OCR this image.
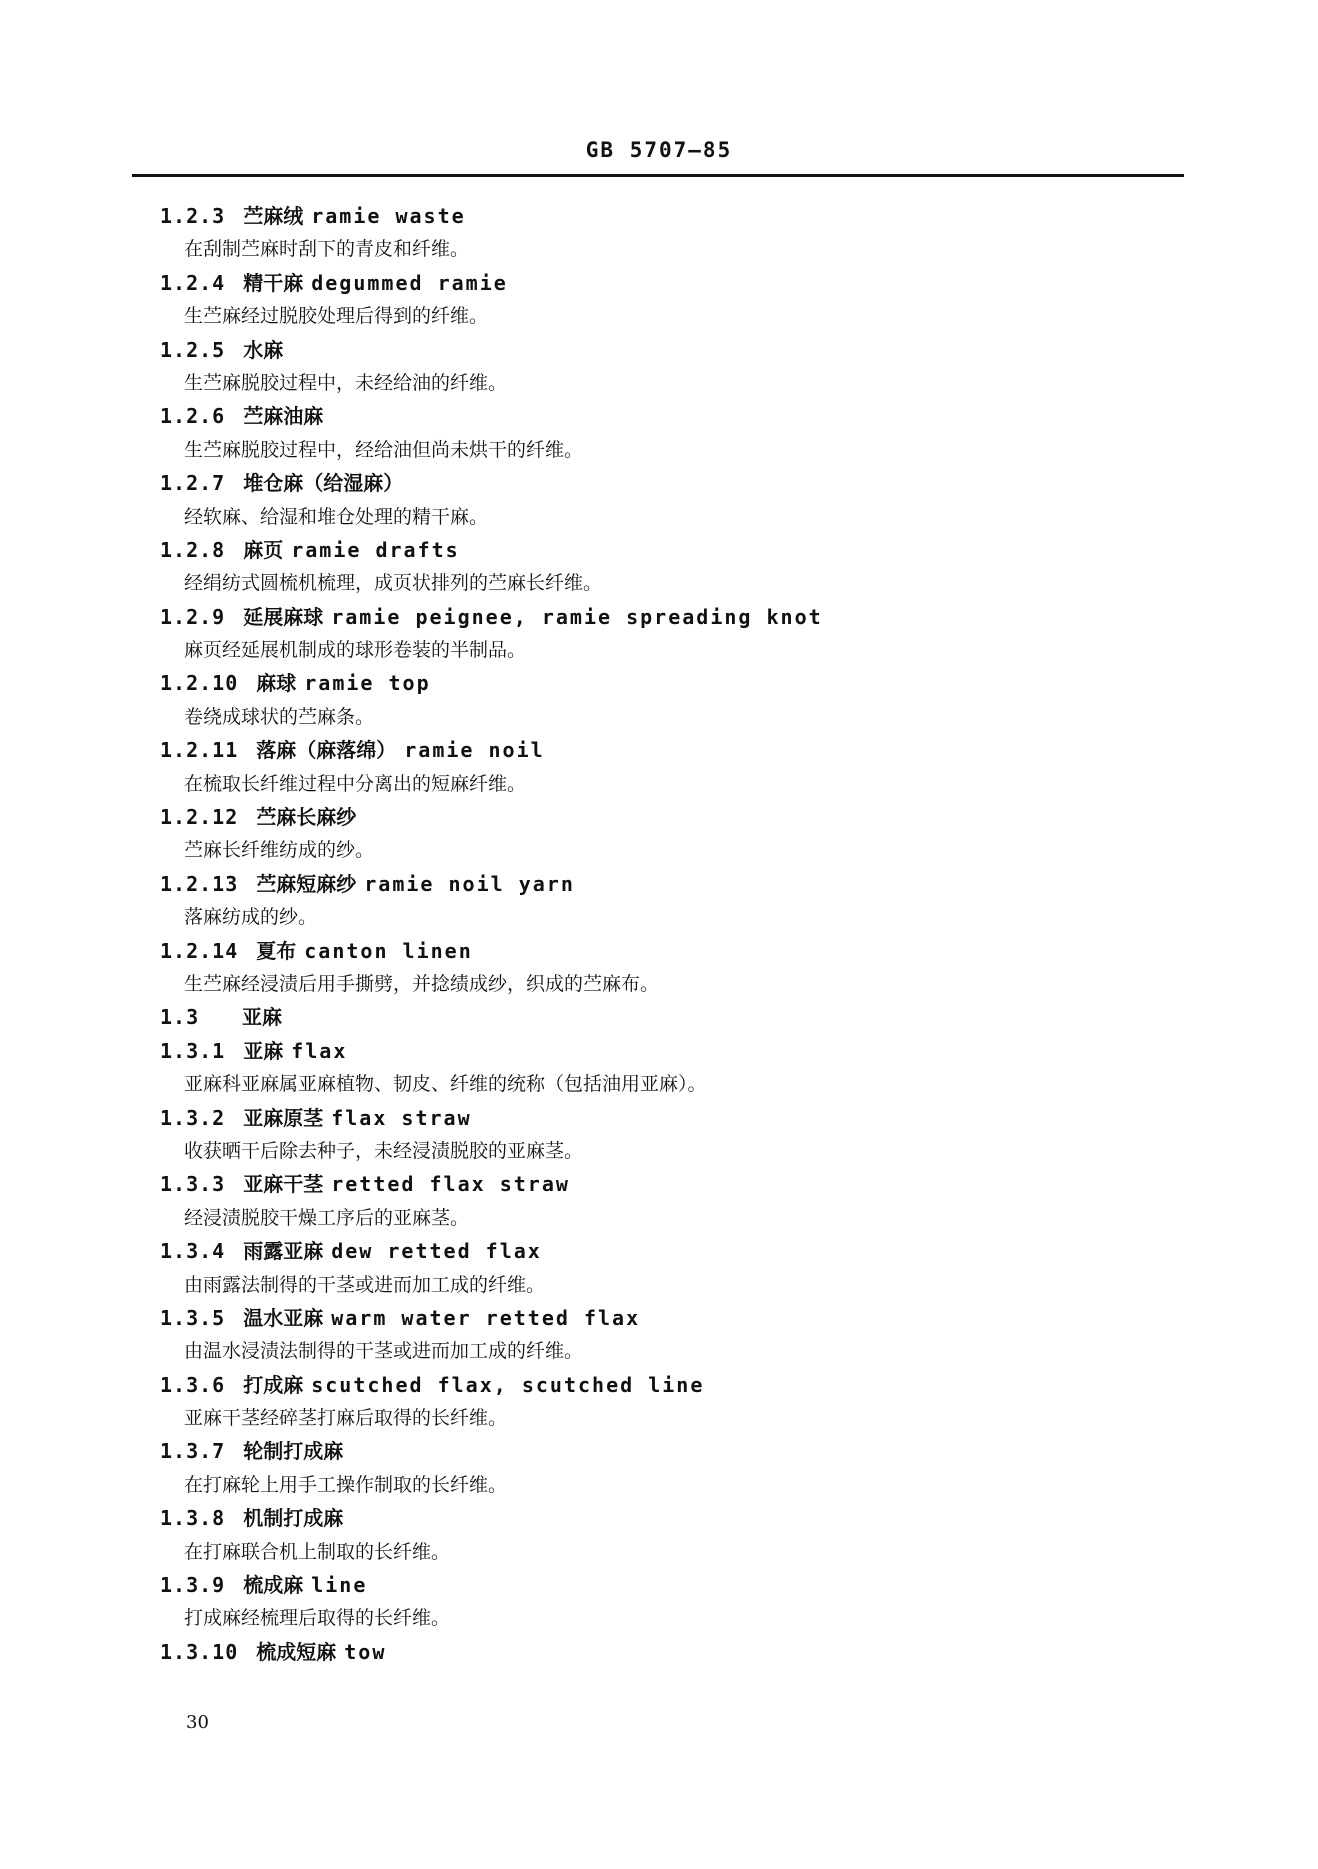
GB 5707—85
1.2.3 苎麻绒 ramie waste
在刮制苎麻时刮下的青皮和纤维。
1.2.4 精干麻 degummed ramie
生苎麻经过脱胶处理后得到的纤维。
1.2.5 水麻
生苎麻脱胶过程中，未经给油的纤维。
1.2.6 苎麻油麻
生苎麻脱胶过程中，经给油但尚未烘干的纤维。
1.2.7 堆仓麻（给湿麻）
经软麻、给湿和堆仓处理的精干麻。
1.2.8 麻页 ramie drafts
经绢纺式圆梳机梳理，成页状排列的苎麻长纤维。
1.2.9 延展麻球 ramie peignee, ramie spreading knot
麻页经延展机制成的球形卷装的半制品。
1.2.10 麻球 ramie top
卷绕成球状的苎麻条。
1.2.11 落麻（麻落绵） ramie noil
在梳取长纤维过程中分离出的短麻纤维。
1.2.12 苎麻长麻纱
苎麻长纤维纺成的纱。
1.2.13 苎麻短麻纱 ramie noil yarn
落麻纺成的纱。
1.2.14 夏布 canton linen
生苎麻经浸渍后用手撕劈，并捻绩成纱，织成的苎麻布。
1.3 亚麻
1.3.1 亚麻 flax
亚麻科亚麻属亚麻植物、韧皮、纤维的统称（包括油用亚麻）。
1.3.2 亚麻原茎 flax straw
收获晒干后除去种子，未经浸渍脱胶的亚麻茎。
1.3.3 亚麻干茎 retted flax straw
经浸渍脱胶干燥工序后的亚麻茎。
1.3.4 雨露亚麻 dew retted flax
由雨露法制得的干茎或进而加工成的纤维。
1.3.5 温水亚麻 warm water retted flax
由温水浸渍法制得的干茎或进而加工成的纤维。
1.3.6 打成麻 scutched flax, scutched line
亚麻干茎经碎茎打麻后取得的长纤维。
1.3.7 轮制打成麻
在打麻轮上用手工操作制取的长纤维。
1.3.8 机制打成麻
在打麻联合机上制取的长纤维。
1.3.9 梳成麻 line
打成麻经梳理后取得的长纤维。
1.3.10 梳成短麻 tow
30
